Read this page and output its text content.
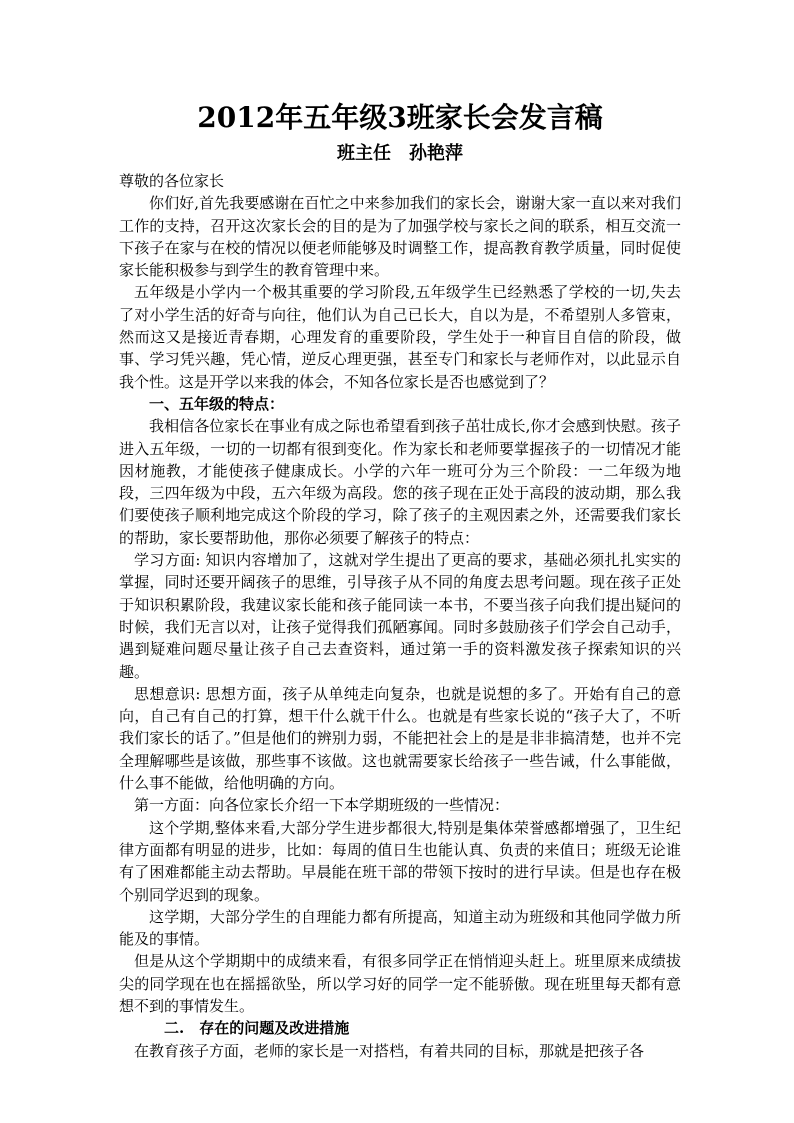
2012年五年级3班家长会发言稿
班主任　孙艳萍

尊敬的各位家长

你们好,首先我要感谢在百忙之中来参加我们的家长会，谢谢大家一直以来对我们工作的支持，召开这次家长会的目的是为了加强学校与家长之间的联系，相互交流一下孩子在家与在校的情况以便老师能够及时调整工作，提高教育教学质量，同时促使家长能积极参与到学生的教育管理中来。

五年级是小学内一个极其重要的学习阶段,五年级学生已经熟悉了学校的一切,失去了对小学生活的好奇与向往，他们认为自己已长大，自以为是，不希望别人多管束，然而这又是接近青春期，心理发育的重要阶段，学生处于一种盲目自信的阶段，做事、学习凭兴趣，凭心情，逆反心理更强，甚至专门和家长与老师作对，以此显示自我个性。这是开学以来我的体会，不知各位家长是否也感觉到了？

一、五年级的特点：

我相信各位家长在事业有成之际也希望看到孩子茁壮成长,你才会感到快慰。孩子进入五年级，一切的一切都有很到变化。作为家长和老师要掌握孩子的一切情况才能因材施教，才能使孩子健康成长。小学的六年一班可分为三个阶段：一二年级为地段，三四年级为中段，五六年级为高段。您的孩子现在正处于高段的波动期，那么我们要使孩子顺利地完成这个阶段的学习，除了孩子的主观因素之外，还需要我们家长的帮助，家长要帮助他，那你必须要了解孩子的特点：

学习方面: 知识内容增加了，这就对学生提出了更高的要求，基础必须扎扎实实的掌握，同时还要开阔孩子的思维，引导孩子从不同的角度去思考问题。现在孩子正处于知识积累阶段，我建议家长能和孩子能同读一本书，不要当孩子向我们提出疑问的时候，我们无言以对，让孩子觉得我们孤陋寡闻。同时多鼓励孩子们学会自己动手，遇到疑难问题尽量让孩子自己去查资料，通过第一手的资料激发孩子探索知识的兴趣。

思想意识: 思想方面，孩子从单纯走向复杂，也就是说想的多了。开始有自己的意向，自己有自己的打算，想干什么就干什么。也就是有些家长说的“孩子大了，不听我们家长的话了。”但是他们的辨别力弱，不能把社会上的是是非非搞清楚，也并不完全理解哪些是该做，那些事不该做。这也就需要家长给孩子一些告诫，什么事能做，什么事不能做，给他明确的方向。

第一方面：向各位家长介绍一下本学期班级的一些情况：

这个学期,整体来看,大部分学生进步都很大,特别是集体荣誉感都增强了，卫生纪律方面都有明显的进步，比如：每周的值日生也能认真、负责的来值日；班级无论谁有了困难都能主动去帮助。早晨能在班干部的带领下按时的进行早读。但是也存在极个别同学迟到的现象。

这学期，大部分学生的自理能力都有所提高，知道主动为班级和其他同学做力所能及的事情。

但是从这个学期期中的成绩来看，有很多同学正在悄悄迎头赶上。班里原来成绩拔尖的同学现在也在摇摇欲坠，所以学习好的同学一定不能骄傲。现在班里每天都有意想不到的事情发生。

二.　存在的问题及改进措施

在教育孩子方面，老师的家长是一对搭档，有着共同的目标，那就是把孩子各
